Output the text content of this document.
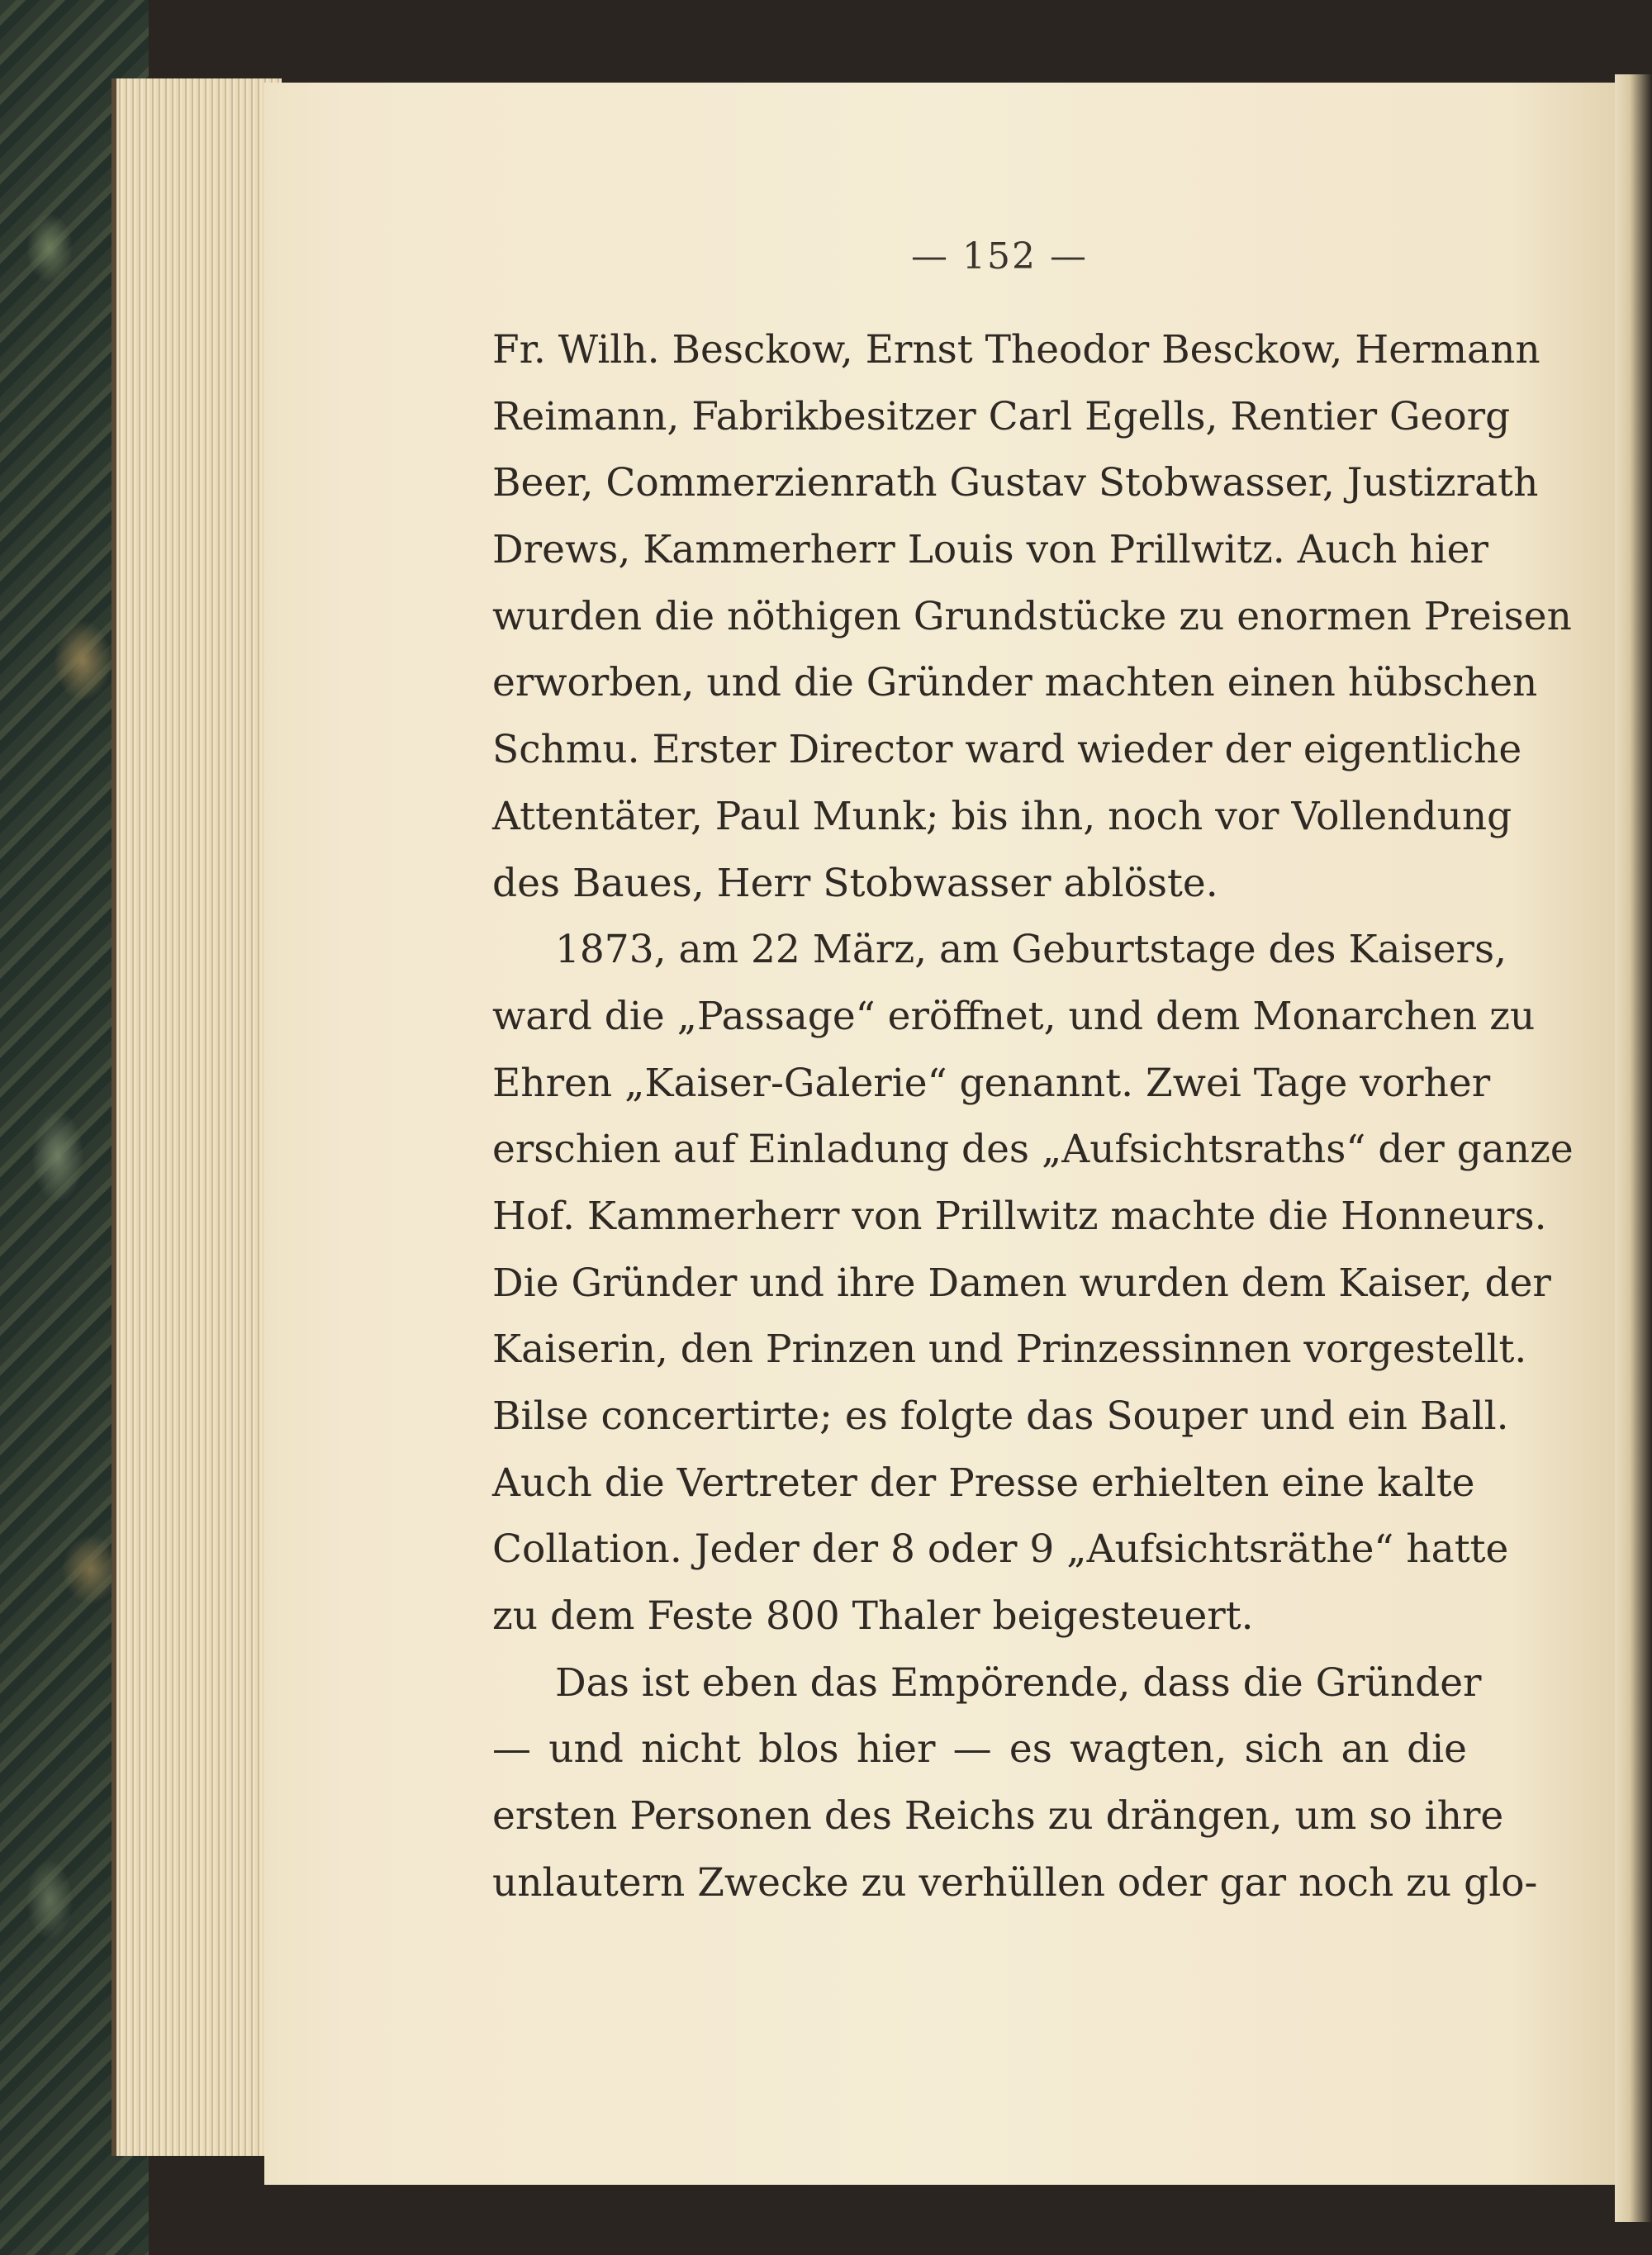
— 152 —
Fr. Wilh. Besckow, Ernst Theodor Besckow, Hermann
Reimann, Fabrikbesitzer Carl Egells, Rentier Georg
Beer, Commerzienrath Gustav Stobwasser, Justizrath
Drews, Kammerherr Louis von Prillwitz. Auch hier
wurden die nöthigen Grundstücke zu enormen Preisen
erworben, und die Gründer machten einen hübschen
Schmu. Erster Director ward wieder der eigentliche
Attentäter, Paul Munk; bis ihn, noch vor Vollendung
des Baues, Herr Stobwasser ablöste.
1873, am 22 März, am Geburtstage des Kaisers,
ward die „Passage“ eröffnet, und dem Monarchen zu
Ehren „Kaiser-Galerie“ genannt. Zwei Tage vorher
erschien auf Einladung des „Aufsichtsraths“ der ganze
Hof. Kammerherr von Prillwitz machte die Honneurs.
Die Gründer und ihre Damen wurden dem Kaiser, der
Kaiserin, den Prinzen und Prinzessinnen vorgestellt.
Bilse concertirte; es folgte das Souper und ein Ball.
Auch die Vertreter der Presse erhielten eine kalte
Collation. Jeder der 8 oder 9 „Aufsichtsräthe“ hatte
zu dem Feste 800 Thaler beigesteuert.
Das ist eben das Empörende, dass die Gründer
— und nicht blos hier — es wagten, sich an die
ersten Personen des Reichs zu drängen, um so ihre
unlautern Zwecke zu verhüllen oder gar noch zu glo-
